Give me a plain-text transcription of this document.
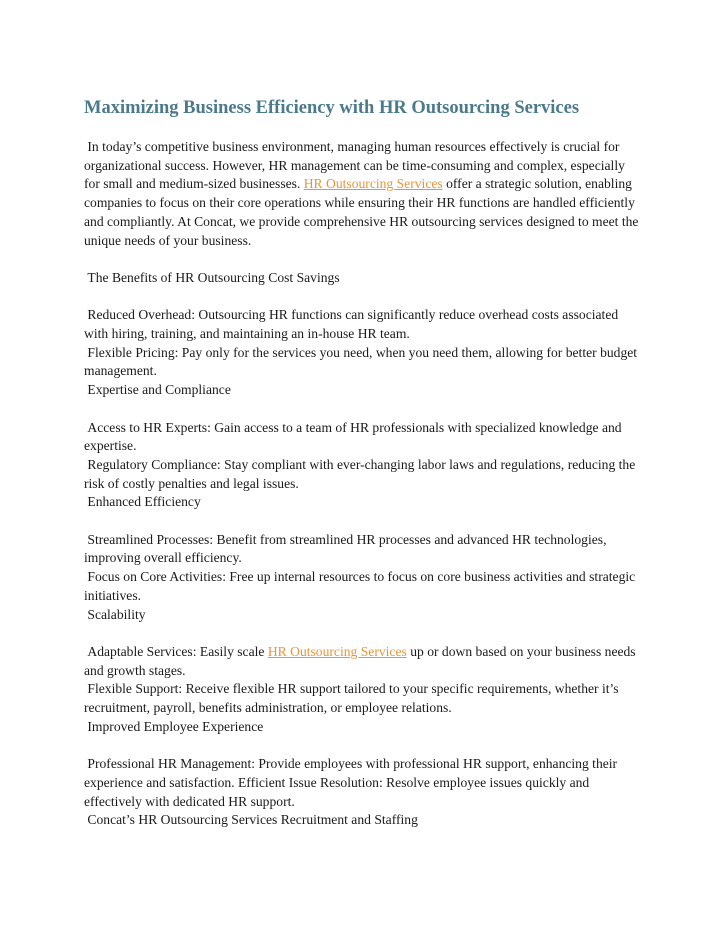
Maximizing Business Efficiency with HR Outsourcing Services

In today’s competitive business environment, managing human resources effectively is crucial for organizational success. However, HR management can be time-consuming and complex, especially for small and medium-sized businesses. HR Outsourcing Services offer a strategic solution, enabling companies to focus on their core operations while ensuring their HR functions are handled efficiently and compliantly. At Concat, we provide comprehensive HR outsourcing services designed to meet the unique needs of your business.

The Benefits of HR Outsourcing Cost Savings

Reduced Overhead: Outsourcing HR functions can significantly reduce overhead costs associated with hiring, training, and maintaining an in-house HR team.

Flexible Pricing: Pay only for the services you need, when you need them, allowing for better budget management.

Expertise and Compliance

Access to HR Experts: Gain access to a team of HR professionals with specialized knowledge and expertise.

Regulatory Compliance: Stay compliant with ever-changing labor laws and regulations, reducing the risk of costly penalties and legal issues.

Enhanced Efficiency

Streamlined Processes: Benefit from streamlined HR processes and advanced HR technologies, improving overall efficiency.

Focus on Core Activities: Free up internal resources to focus on core business activities and strategic initiatives.

Scalability

Adaptable Services: Easily scale HR Outsourcing Services up or down based on your business needs and growth stages.

Flexible Support: Receive flexible HR support tailored to your specific requirements, whether it’s recruitment, payroll, benefits administration, or employee relations.

Improved Employee Experience

Professional HR Management: Provide employees with professional HR support, enhancing their experience and satisfaction. Efficient Issue Resolution: Resolve employee issues quickly and effectively with dedicated HR support.

Concat’s HR Outsourcing Services Recruitment and Staffing
